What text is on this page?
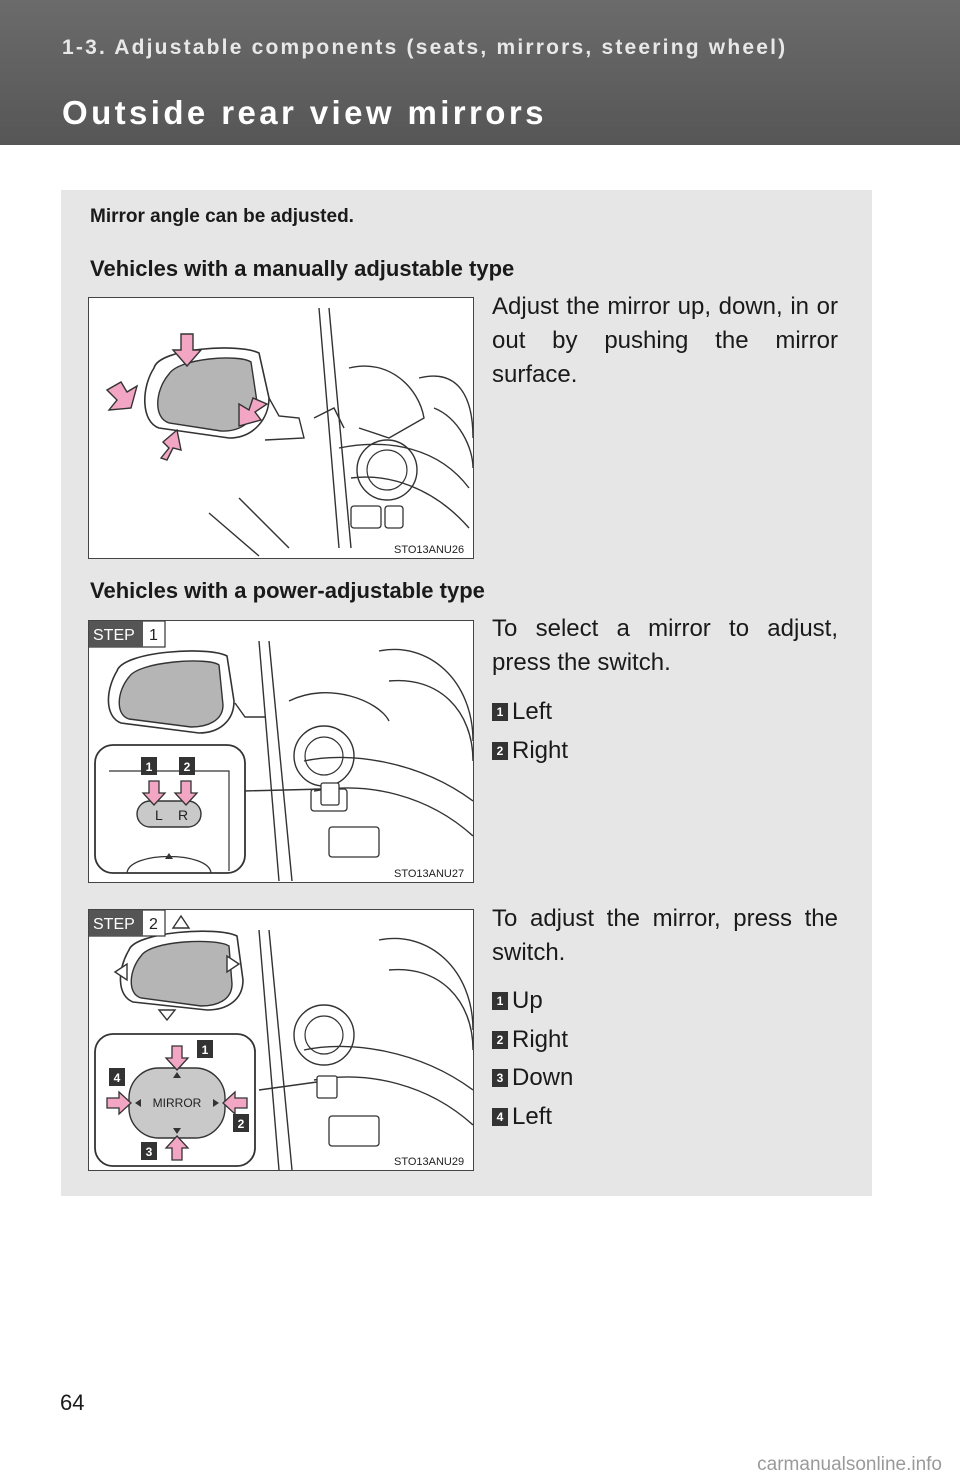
1-3. Adjustable components (seats, mirrors, steering wheel)
Outside rear view mirrors
Mirror angle can be adjusted.
Vehicles with a manually adjustable type
STO13ANU26
Adjust the mirror up, down, in or out by pushing the mirror surface.
Vehicles with a power-adjustable type
L R
1	2
STEP 1
STO13ANU27
To select a mirror to adjust, press the switch.
1 Left
2 Right
MIRROR
1
2
3
4
STEP 2
STO13ANU29
To adjust the mirror, press the switch.
1 Up
2 Right
3 Down
4 Left
64
carmanualsonline.info
